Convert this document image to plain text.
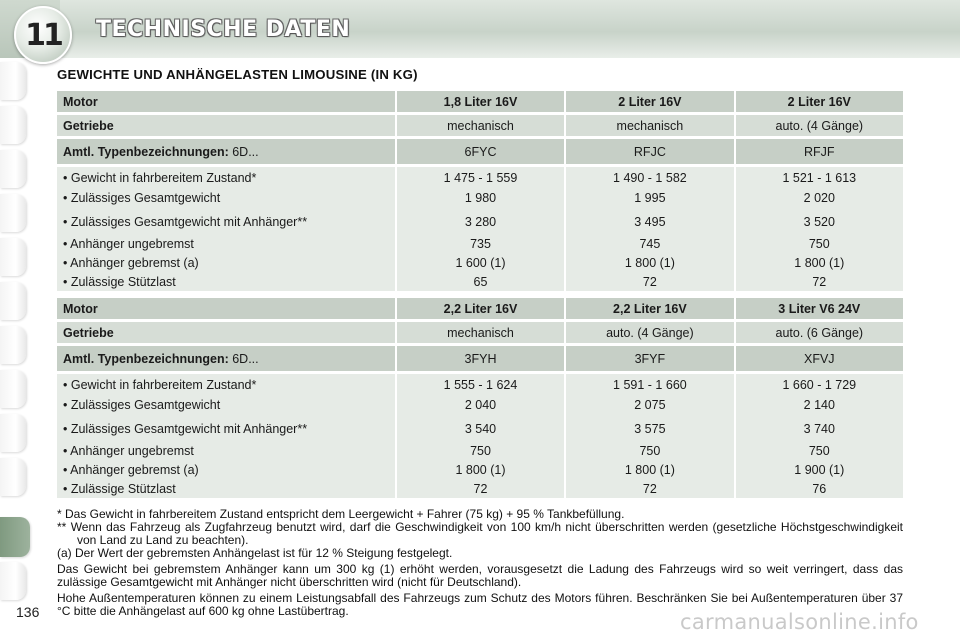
11 TECHNISCHE DATEN
GEWICHTE UND ANHÄNGELASTEN LIMOUSINE (IN KG)
Motor	1,8 Liter 16V	2 Liter 16V	2 Liter 16V

Getriebe	mechanisch	mechanisch	auto. (4 Gänge)

Amtl. Typenbezeichnungen: 6D...	6FYC	RFJC	RFJF

• Gewicht in fahrbereitem Zustand*	1 475 - 1 559	1 490 - 1 582	1 521 - 1 613
• Zulässiges Gesamtgewicht	1 980	1 995	2 020
• Zulässiges Gesamtgewicht mit Anhänger**	3 280	3 495	3 520
• Anhänger ungebremst	735	745	750
• Anhänger gebremst (a)	1 600 (1)	1 800 (1)	1 800 (1)
• Zulässige Stützlast	65	72	72
Motor	2,2 Liter 16V	2,2 Liter 16V	3 Liter V6 24V

Getriebe	mechanisch	auto. (4 Gänge)	auto. (6 Gänge)

Amtl. Typenbezeichnungen: 6D...	3FYH	3FYF	XFVJ

• Gewicht in fahrbereitem Zustand*	1 555 - 1 624	1 591 - 1 660	1 660 - 1 729
• Zulässiges Gesamtgewicht	2 040	2 075	2 140
• Zulässiges Gesamtgewicht mit Anhänger**	3 540	3 575	3 740
• Anhänger ungebremst	750	750	750
• Anhänger gebremst (a)	1 800 (1)	1 800 (1)	1 900 (1)
• Zulässige Stützlast	72	72	76

* Das Gewicht in fahrbereitem Zustand entspricht dem Leergewicht + Fahrer (75 kg) + 95 % Tankbefüllung.

** Wenn das Fahrzeug als Zugfahrzeug benutzt wird, darf die Geschwindigkeit von 100 km/h nicht überschritten werden (gesetzliche Höchstgeschwindigkeit von Land zu Land zu beachten).

(a) Der Wert der gebremsten Anhängelast ist für 12 % Steigung festgelegt.

Das Gewicht bei gebremstem Anhänger kann um 300 kg (1) erhöht werden, vorausgesetzt die Ladung des Fahrzeugs wird so weit verringert, dass das zulässige Gesamtgewicht mit Anhänger nicht überschritten wird (nicht für Deutschland).

Hohe Außentemperaturen können zu einem Leistungsabfall des Fahrzeugs zum Schutz des Motors führen. Beschränken Sie bei Außentemperaturen über 37 °C bitte die Anhängelast auf 600 kg ohne Lastübertrag.

136	carmanualsonline.info
